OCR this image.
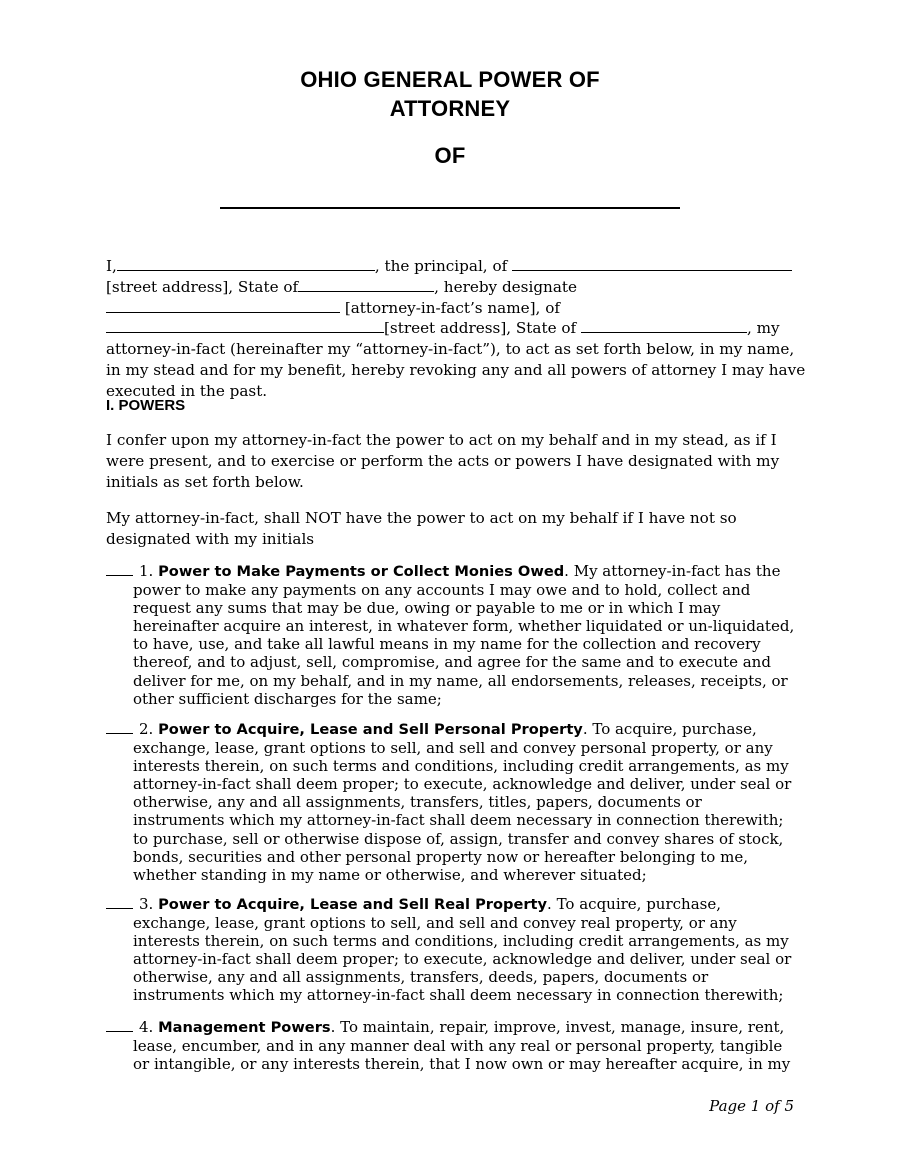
OHIO GENERAL POWER OF
ATTORNEY
OF
I,	, the principal, of  [street address], State of	, hereby designate [attorney-in-fact’s name], of[street address], State of	, my attorney-in-fact (hereinafter my “attorney-in-fact”), to act as set forth below, in my name, in my stead and for my benefit, hereby revoking any and all powers of attorney I may have executed in the past.
I. POWERS
I confer upon my attorney-in-fact the power to act on my behalf and in my stead, as if I were present, and to exercise or perform the acts or powers I have designated with my initials as set forth below.
My attorney-in-fact, shall NOT have the power to act on my behalf if I have not so designated with my initials
1. Power to Make Payments or Collect Monies Owed. My attorney-in-fact has the power to make any payments on any accounts I may owe and to hold, collect and request any sums that may be due, owing or payable to me or in which I may hereinafter acquire an interest, in whatever form, whether liquidated or un-liquidated, to have, use, and take all lawful means in my name for the collection and recovery thereof, and to adjust, sell, compromise, and agree for the same and to execute and deliver for me, on my behalf, and in my name, all endorsements, releases, receipts, or other sufficient discharges for the same;
2. Power to Acquire, Lease and Sell Personal Property. To acquire, purchase, exchange, lease, grant options to sell, and sell and convey personal property, or any interests therein, on such terms and conditions, including credit arrangements, as my attorney-in-fact shall deem proper; to execute, acknowledge and deliver, under seal or otherwise, any and all assignments, transfers, titles, papers, documents or instruments which my attorney-in-fact shall deem necessary in connection therewith; to purchase, sell or otherwise dispose of, assign, transfer and convey shares of stock, bonds, securities and other personal property now or hereafter belonging to me, whether standing in my name or otherwise, and wherever situated;
3. Power to Acquire, Lease and Sell Real Property. To acquire, purchase, exchange, lease, grant options to sell, and sell and convey real property, or any interests therein, on such terms and conditions, including credit arrangements, as my attorney-in-fact shall deem proper; to execute, acknowledge and deliver, under seal or otherwise, any and all assignments, transfers, deeds, papers, documents or instruments which my attorney-in-fact shall deem necessary in connection therewith;
4. Management Powers. To maintain, repair, improve, invest, manage, insure, rent, lease, encumber, and in any manner deal with any real or personal property, tangible or intangible, or any interests therein, that I now own or may hereafter acquire, in my
Page 1 of 5
